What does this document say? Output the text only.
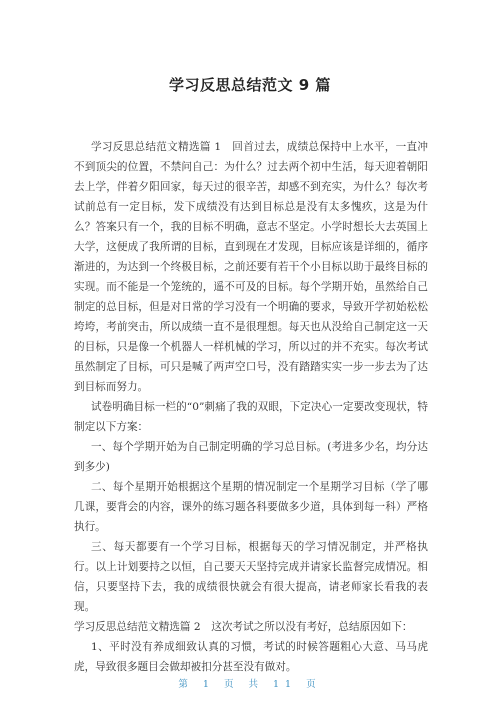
学习反思总结范文 9 篇

学习反思总结范文精选篇 1　回首过去，成绩总保持中上水平，一直冲不到顶尖的位置，不禁问自己：为什么？过去两个初中生活，每天迎着朝阳去上学，伴着夕阳回家，每天过的很辛苦，却感不到充实，为什么？每次考试前总有一定目标，发下成绩没有达到目标总是没有太多愧疚，这是为什么？答案只有一个，我的目标不明确，意志不坚定。小学时想长大去英国上大学，这便成了我所谓的目标，直到现在才发现，目标应该是详细的，循序渐进的，为达到一个终极目标，之前还要有若干个小目标以助于最终目标的实现。而不能是一个笼统的，遥不可及的目标。每个学期开始，虽然给自己制定的总目标，但是对日常的学习没有一个明确的要求，导致开学初始松松垮垮，考前突击，所以成绩一直不是很理想。每天也从没给自己制定这一天的目标，只是像一个机器人一样机械的学习，所以过的并不充实。每次考试虽然制定了目标，可只是喊了两声空口号，没有踏踏实实一步一步去为了达到目标而努力。

试卷明确目标一栏的“0”刺痛了我的双眼，下定决心一定要改变现状，特制定以下方案：

一、每个学期开始为自己制定明确的学习总目标。(考进多少名，均分达到多少)

二、每个星期开始根据这个星期的情况制定一个星期学习目标（学了哪几课，要背会的内容，课外的练习题各科要做多少道，具体到每一科）严格执行。

三、每天都要有一个学习目标，根据每天的学习情况制定，并严格执行。以上计划要持之以恒，自己要天天坚持完成并请家长监督完成情况。相信，只要坚持下去，我的成绩很快就会有很大提高，请老师家长看我的表现。

学习反思总结范文精选篇 2　这次考试之所以没有考好，总结原因如下：

1、平时没有养成细致认真的习惯，考试的时候答题粗心大意、马马虎虎，导致很多题目会做却被扣分甚至没有做对。

第 1 页 共 11 页
